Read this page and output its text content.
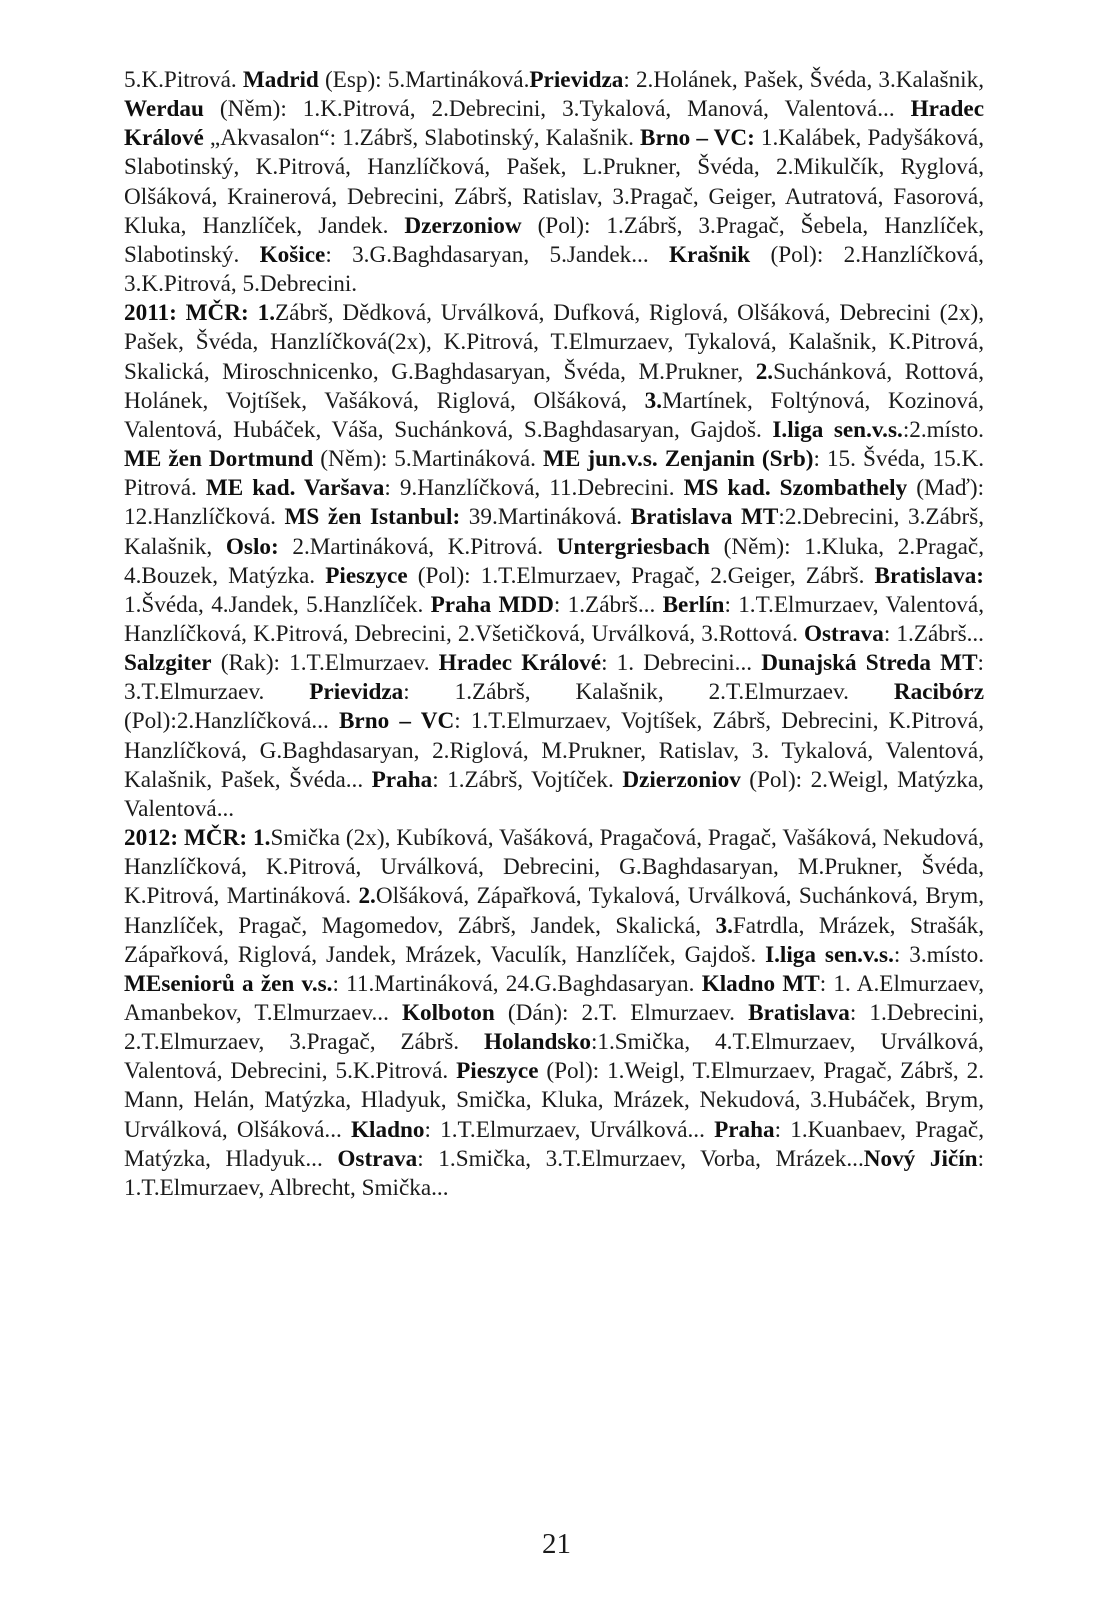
5.K.Pitrová. Madrid (Esp): 5.Martináková.Prievidza: 2.Holánek, Pašek, Švéda, 3.Kalašnik, Werdau (Něm): 1.K.Pitrová, 2.Debrecini, 3.Tykalová, Manová, Valentová... Hradec Králové „Akvasalon“: 1.Zábrš, Slabotinský, Kalašnik. Brno – VC: 1.Kalábek, Padyšáková, Slabotinský, K.Pitrová, Hanzlíčková, Pašek, L.Prukner, Švéda, 2.Mikulčík, Ryglová, Olšáková, Krainerová, Debrecini, Zábrš, Ratislav, 3.Pragač, Geiger, Autratová, Fasorová, Kluka, Hanzlíček, Jandek. Dzerzoniow (Pol): 1.Zábrš, 3.Pragač, Šebela, Hanzlíček, Slabotinský. Košice: 3.G.Baghdasaryan, 5.Jandek... Krašnik (Pol): 2.Hanzlíčková, 3.K.Pitrová, 5.Debrecini.

2011: MČR: 1.Zábrš, Dědková, Urválková, Dufková, Riglová, Olšáková, Debrecini (2x), Pašek, Švéda, Hanzlíčková(2x), K.Pitrová, T.Elmurzaev, Tykalová, Kalašnik, K.Pitrová, Skalická, Miroschnicenko, G.Baghdasaryan, Švéda, M.Prukner, 2.Suchánková, Rottová, Holánek, Vojtíšek, Vašáková, Riglová, Olšáková, 3.Martínek, Foltýnová, Kozinová, Valentová, Hubáček, Váša, Suchánková, S.Baghdasaryan, Gajdoš. I.liga sen.v.s.:2.místo. ME žen Dortmund (Něm): 5.Martináková. ME jun.v.s. Zenjanin (Srb): 15. Švéda, 15.K. Pitrová. ME kad. Varšava: 9.Hanzlíčková, 11.Debrecini. MS kad. Szombathely (Maď): 12.Hanzlíčková. MS žen Istanbul: 39.Martináková. Bratislava MT:2.Debrecini, 3.Zábrš, Kalašnik, Oslo: 2.Martináková, K.Pitrová. Untergriesbach (Něm): 1.Kluka, 2.Pragač, 4.Bouzek, Matýzka. Pieszyce (Pol): 1.T.Elmurzaev, Pragač, 2.Geiger, Zábrš. Bratislava: 1.Švéda, 4.Jandek, 5.Hanzlíček. Praha MDD: 1.Zábrš... Berlín: 1.T.Elmurzaev, Valentová, Hanzlíčková, K.Pitrová, Debrecini, 2.Všetičková, Urválková, 3.Rottová. Ostrava: 1.Zábrš... Salzgiter (Rak): 1.T.Elmurzaev. Hradec Králové: 1. Debrecini... Dunajská Streda MT: 3.T.Elmurzaev. Prievidza: 1.Zábrš, Kalašnik, 2.T.Elmurzaev. Racibórz (Pol):2.Hanzlíčková... Brno – VC: 1.T.Elmurzaev, Vojtíšek, Zábrš, Debrecini, K.Pitrová, Hanzlíčková, G.Baghdasaryan, 2.Riglová, M.Prukner, Ratislav, 3. Tykalová, Valentová, Kalašnik, Pašek, Švéda... Praha: 1.Zábrš, Vojtíček. Dzierzoniov (Pol): 2.Weigl, Matýzka, Valentová...

2012: MČR: 1.Smička (2x), Kubíková, Vašáková, Pragačová, Pragač, Vašáková, Nekudová, Hanzlíčková, K.Pitrová, Urválková, Debrecini, G.Baghdasaryan, M.Prukner, Švéda, K.Pitrová, Martináková. 2.Olšáková, Zápařková, Tykalová, Urválková, Suchánková, Brym, Hanzlíček, Pragač, Magomedov, Zábrš, Jandek, Skalická, 3.Fatrdla, Mrázek, Strašák, Zápařková, Riglová, Jandek, Mrázek, Vaculík, Hanzlíček, Gajdoš. I.liga sen.v.s.: 3.místo. MEseniorů a žen v.s.: 11.Martináková, 24.G.Baghdasaryan. Kladno MT: 1. A.Elmurzaev, Amanbekov, T.Elmurzaev... Kolboton (Dán): 2.T. Elmurzaev. Bratislava: 1.Debrecini, 2.T.Elmurzaev, 3.Pragač, Zábrš. Holandsko:1.Smička, 4.T.Elmurzaev, Urválková, Valentová, Debrecini, 5.K.Pitrová. Pieszyce (Pol): 1.Weigl, T.Elmurzaev, Pragač, Zábrš, 2. Mann, Helán, Matýzka, Hladyuk, Smička, Kluka, Mrázek, Nekudová, 3.Hubáček, Brym, Urválková, Olšáková... Kladno: 1.T.Elmurzaev, Urválková... Praha: 1.Kuanbaev, Pragač, Matýzka, Hladyuk... Ostrava: 1.Smička, 3.T.Elmurzaev, Vorba, Mrázek...Nový Jičín: 1.T.Elmurzaev, Albrecht, Smička...

21
